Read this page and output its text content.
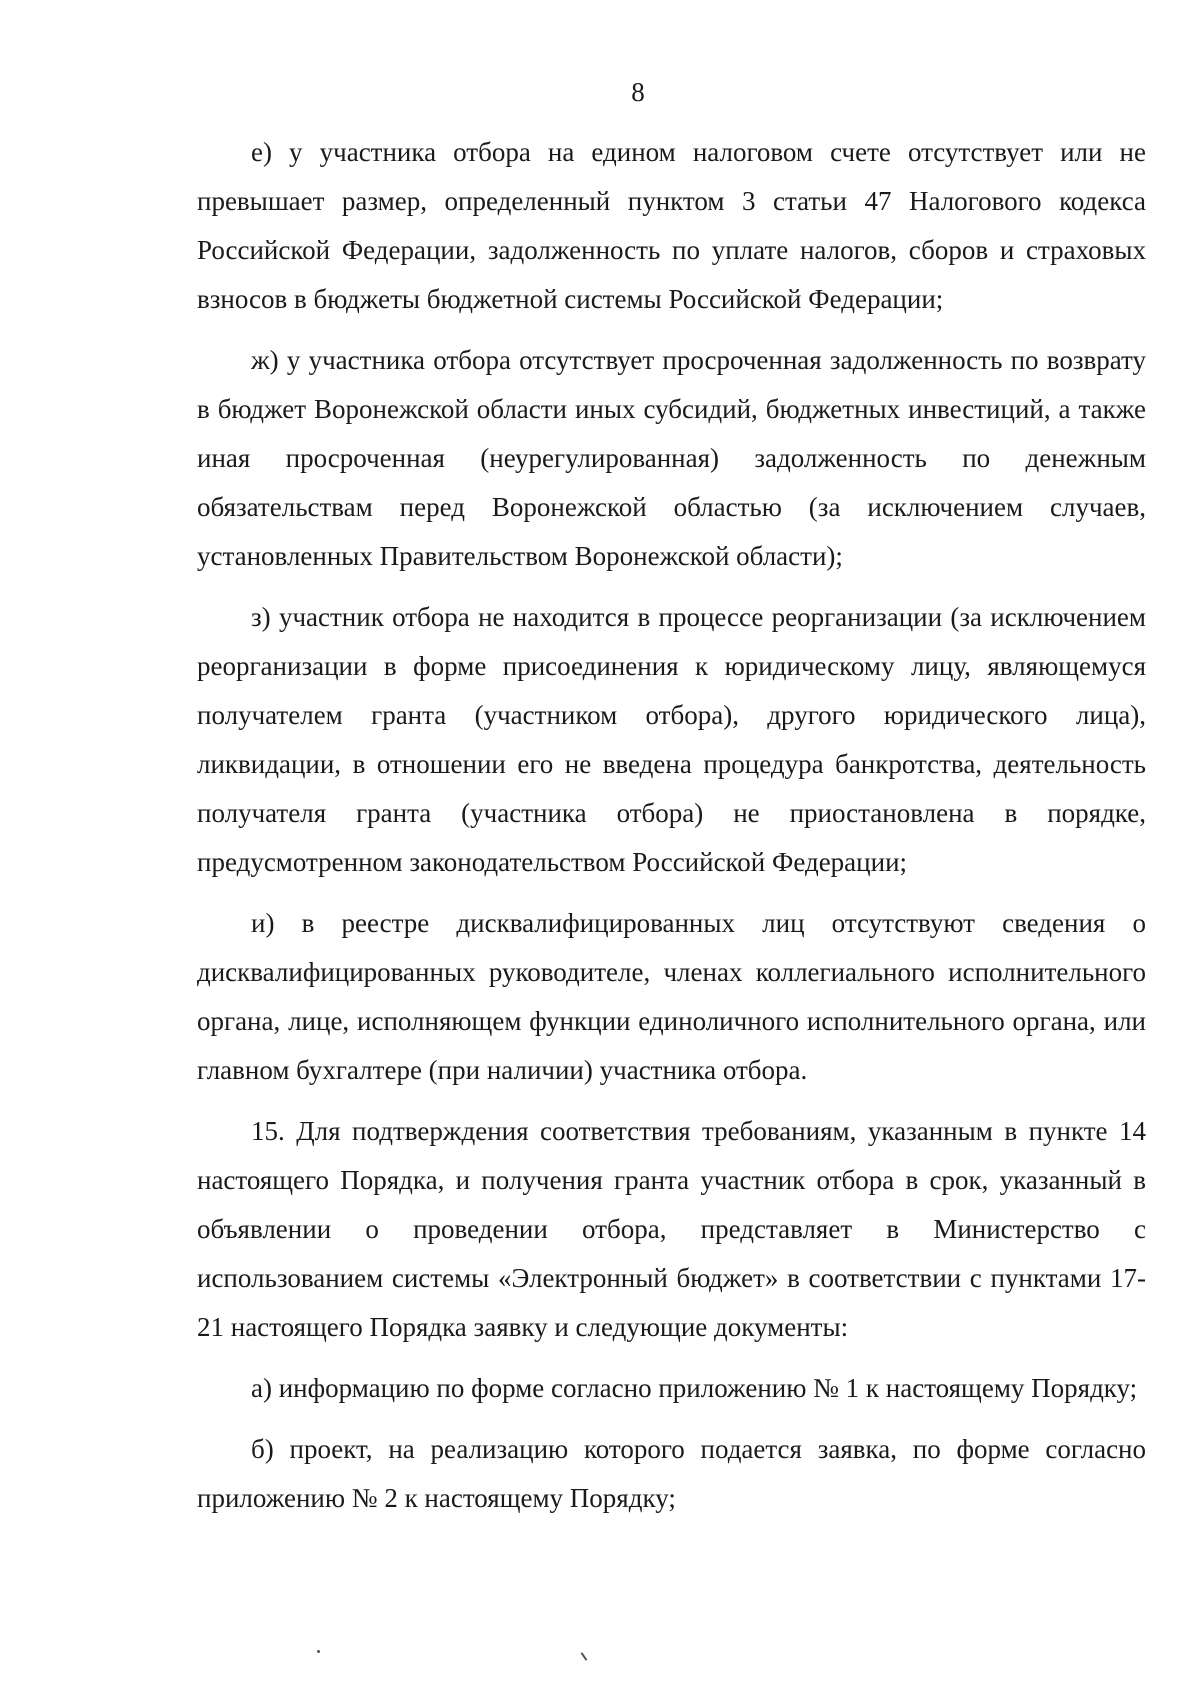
8

е) у участника отбора на едином налоговом счете отсутствует или не превышает размер, определенный пунктом 3 статьи 47 Налогового кодекса Российской Федерации, задолженность по уплате налогов, сборов и страховых взносов в бюджеты бюджетной системы Российской Федерации;

ж) у участника отбора отсутствует просроченная задолженность по возврату в бюджет Воронежской области иных субсидий, бюджетных инвестиций, а также иная просроченная (неурегулированная) задолженность по денежным обязательствам перед Воронежской областью (за исключением случаев, установленных Правительством Воронежской области);

з) участник отбора не находится в процессе реорганизации (за исключением реорганизации в форме присоединения к юридическому лицу, являющемуся получателем гранта (участником отбора), другого юридического лица), ликвидации, в отношении его не введена процедура банкротства, деятельность получателя гранта (участника отбора) не приостановлена в порядке, предусмотренном законодательством Российской Федерации;

и) в реестре дисквалифицированных лиц отсутствуют сведения о дисквалифицированных руководителе, членах коллегиального исполнительного органа, лице, исполняющем функции единоличного исполнительного органа, или главном бухгалтере (при наличии) участника отбора.

15. Для подтверждения соответствия требованиям, указанным в пункте 14 настоящего Порядка, и получения гранта участник отбора в срок, указанный в объявлении о проведении отбора, представляет в Министерство с использованием системы «Электронный бюджет» в соответствии с пунктами 17-21 настоящего Порядка заявку и следующие документы:

а) информацию по форме согласно приложению № 1 к настоящему Порядку;

б) проект, на реализацию которого подается заявка, по форме согласно приложению № 2 к настоящему Порядку;
